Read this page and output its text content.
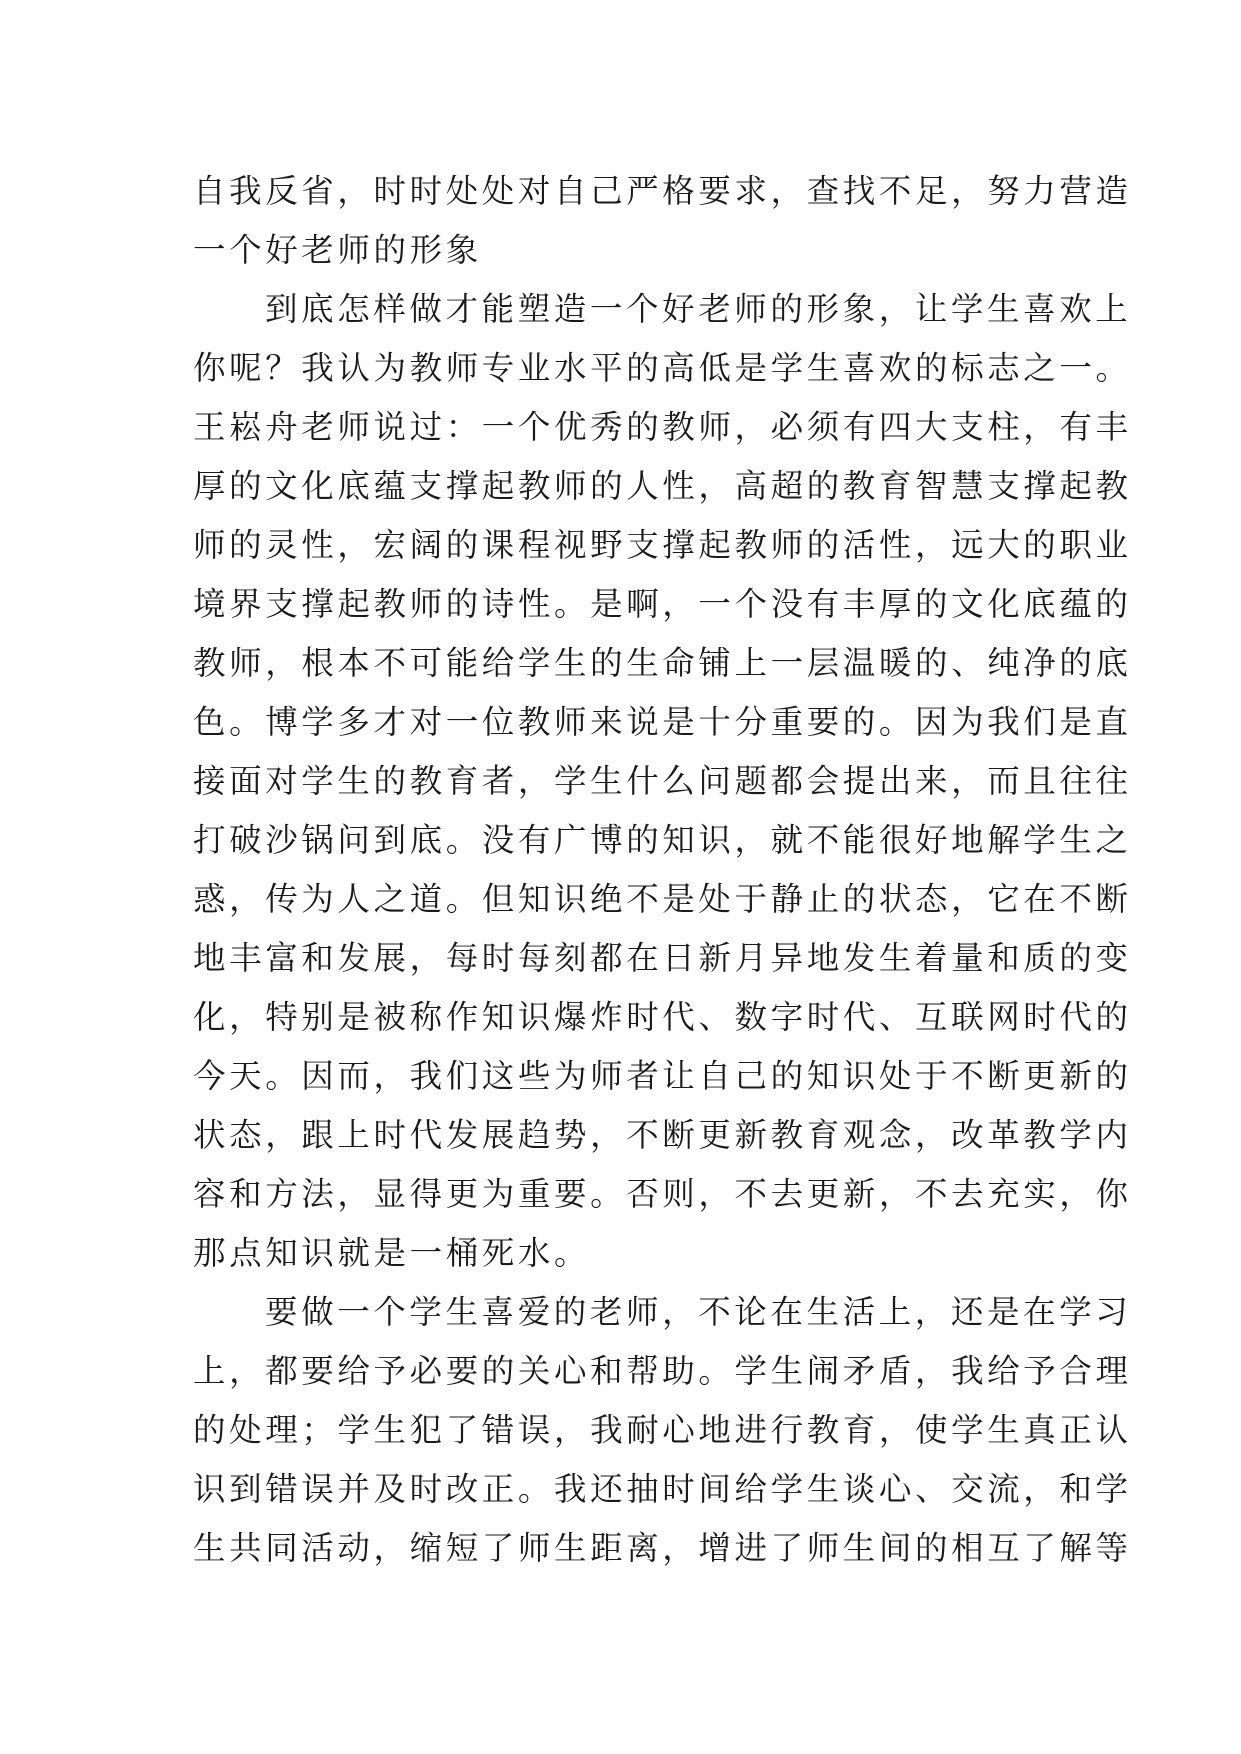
自我反省，时时处处对自己严格要求，查找不足，努力营造
一个好老师的形象
到底怎样做才能塑造一个好老师的形象，让学生喜欢上
你呢？我认为教师专业水平的高低是学生喜欢的标志之一。
王崧舟老师说过：一个优秀的教师，必须有四大支柱，有丰
厚的文化底蕴支撑起教师的人性，高超的教育智慧支撑起教
师的灵性，宏阔的课程视野支撑起教师的活性，远大的职业
境界支撑起教师的诗性。是啊，一个没有丰厚的文化底蕴的
教师，根本不可能给学生的生命铺上一层温暖的、纯净的底
色。博学多才对一位教师来说是十分重要的。因为我们是直
接面对学生的教育者，学生什么问题都会提出来，而且往往
打破沙锅问到底。没有广博的知识，就不能很好地解学生之
惑，传为人之道。但知识绝不是处于静止的状态，它在不断
地丰富和发展，每时每刻都在日新月异地发生着量和质的变
化，特别是被称作知识爆炸时代、数字时代、互联网时代的
今天。因而，我们这些为师者让自己的知识处于不断更新的
状态，跟上时代发展趋势，不断更新教育观念，改革教学内
容和方法，显得更为重要。否则，不去更新，不去充实，你
那点知识就是一桶死水。
要做一个学生喜爱的老师，不论在生活上，还是在学习
上，都要给予必要的关心和帮助。学生闹矛盾，我给予合理
的处理；学生犯了错误，我耐心地进行教育，使学生真正认
识到错误并及时改正。我还抽时间给学生谈心、交流，和学
生共同活动，缩短了师生距离，增进了师生间的相互了解等
